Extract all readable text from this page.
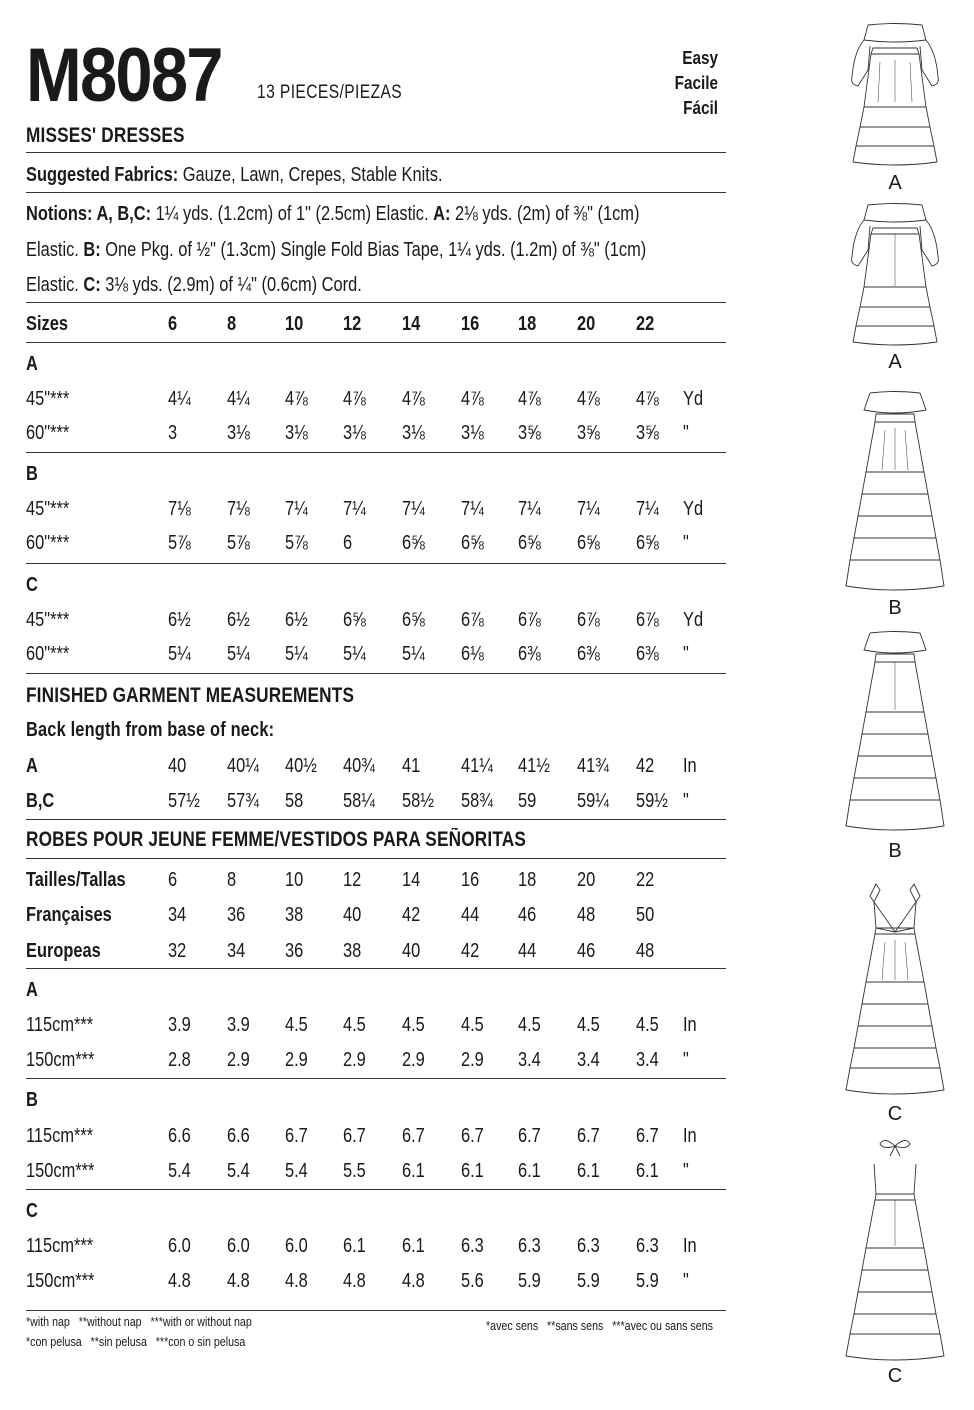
M8087 13 PIECES/PIEZAS
Easy
Facile
Fácil
MISSES' DRESSES
Suggested Fabrics: Gauze, Lawn, Crepes, Stable Knits.
Notions: A, B,C: 1¼ yds. (1.2cm) of 1" (2.5cm) Elastic. A: 2⅛ yds. (2m) of ⅜" (1cm)
Elastic. B: One Pkg. of ½" (1.3cm) Single Fold Bias Tape, 1¼ yds. (1.2m) of ⅜" (1cm)
Elastic. C: 3⅛ yds. (2.9m) of ¼" (0.6cm) Cord.
Sizes	6 8 10 12 14 16 18 20 22
A
45"***	4¼ 4¼ 4⅞ 4⅞ 4⅞ 4⅞ 4⅞ 4⅞ 4⅞ Yd
60"***	3 3⅛ 3⅛ 3⅛ 3⅛ 3⅛ 3⅝ 3⅝ 3⅝ "
B
45"***	7⅛ 7⅛ 7¼ 7¼ 7¼ 7¼ 7¼ 7¼ 7¼ Yd
60"***	5⅞ 5⅞ 5⅞ 6 6⅝ 6⅝ 6⅝ 6⅝ 6⅝ "
C
45"***	6½ 6½ 6½ 6⅝ 6⅝ 6⅞ 6⅞ 6⅞ 6⅞ Yd
60"***	5¼ 5¼ 5¼ 5¼ 5¼ 6⅛ 6⅜ 6⅜ 6⅜ "
FINISHED GARMENT MEASUREMENTS
Back length from base of neck:
A	40 40¼ 40½ 40¾ 41 41¼ 41½ 41¾ 42 In
B,C	57½ 57¾ 58 58¼ 58½ 58¾ 59 59¼ 59½ "
ROBES POUR JEUNE FEMME/VESTIDOS PARA SEÑORITAS
Tailles/Tallas 6 8 10 12 14 16 18 20 22
Françaises	34 36 38 40 42 44 46 48 50
Europeas	32 34 36 38 40 42 44 46 48
A
115cm***	3.9 3.9 4.5 4.5 4.5 4.5 4.5 4.5 4.5 In
150cm***	2.8 2.9 2.9 2.9 2.9 2.9 3.4 3.4 3.4 "
B
115cm***	6.6 6.6 6.7 6.7 6.7 6.7 6.7 6.7 6.7 In
150cm***	5.4 5.4 5.4 5.5 6.1 6.1 6.1 6.1 6.1 "
C
115cm***	6.0 6.0 6.0 6.1 6.1 6.3 6.3 6.3 6.3 In
150cm***	4.8 4.8 4.8 4.8 4.8 5.6 5.9 5.9 5.9 "
*with nap   **without nap   ***with or without nap
*con pelusa   **sin pelusa   ***con o sin pelusa
*avec sens   **sans sens   ***avec ou sans sens
A
A
B
B
C
C
